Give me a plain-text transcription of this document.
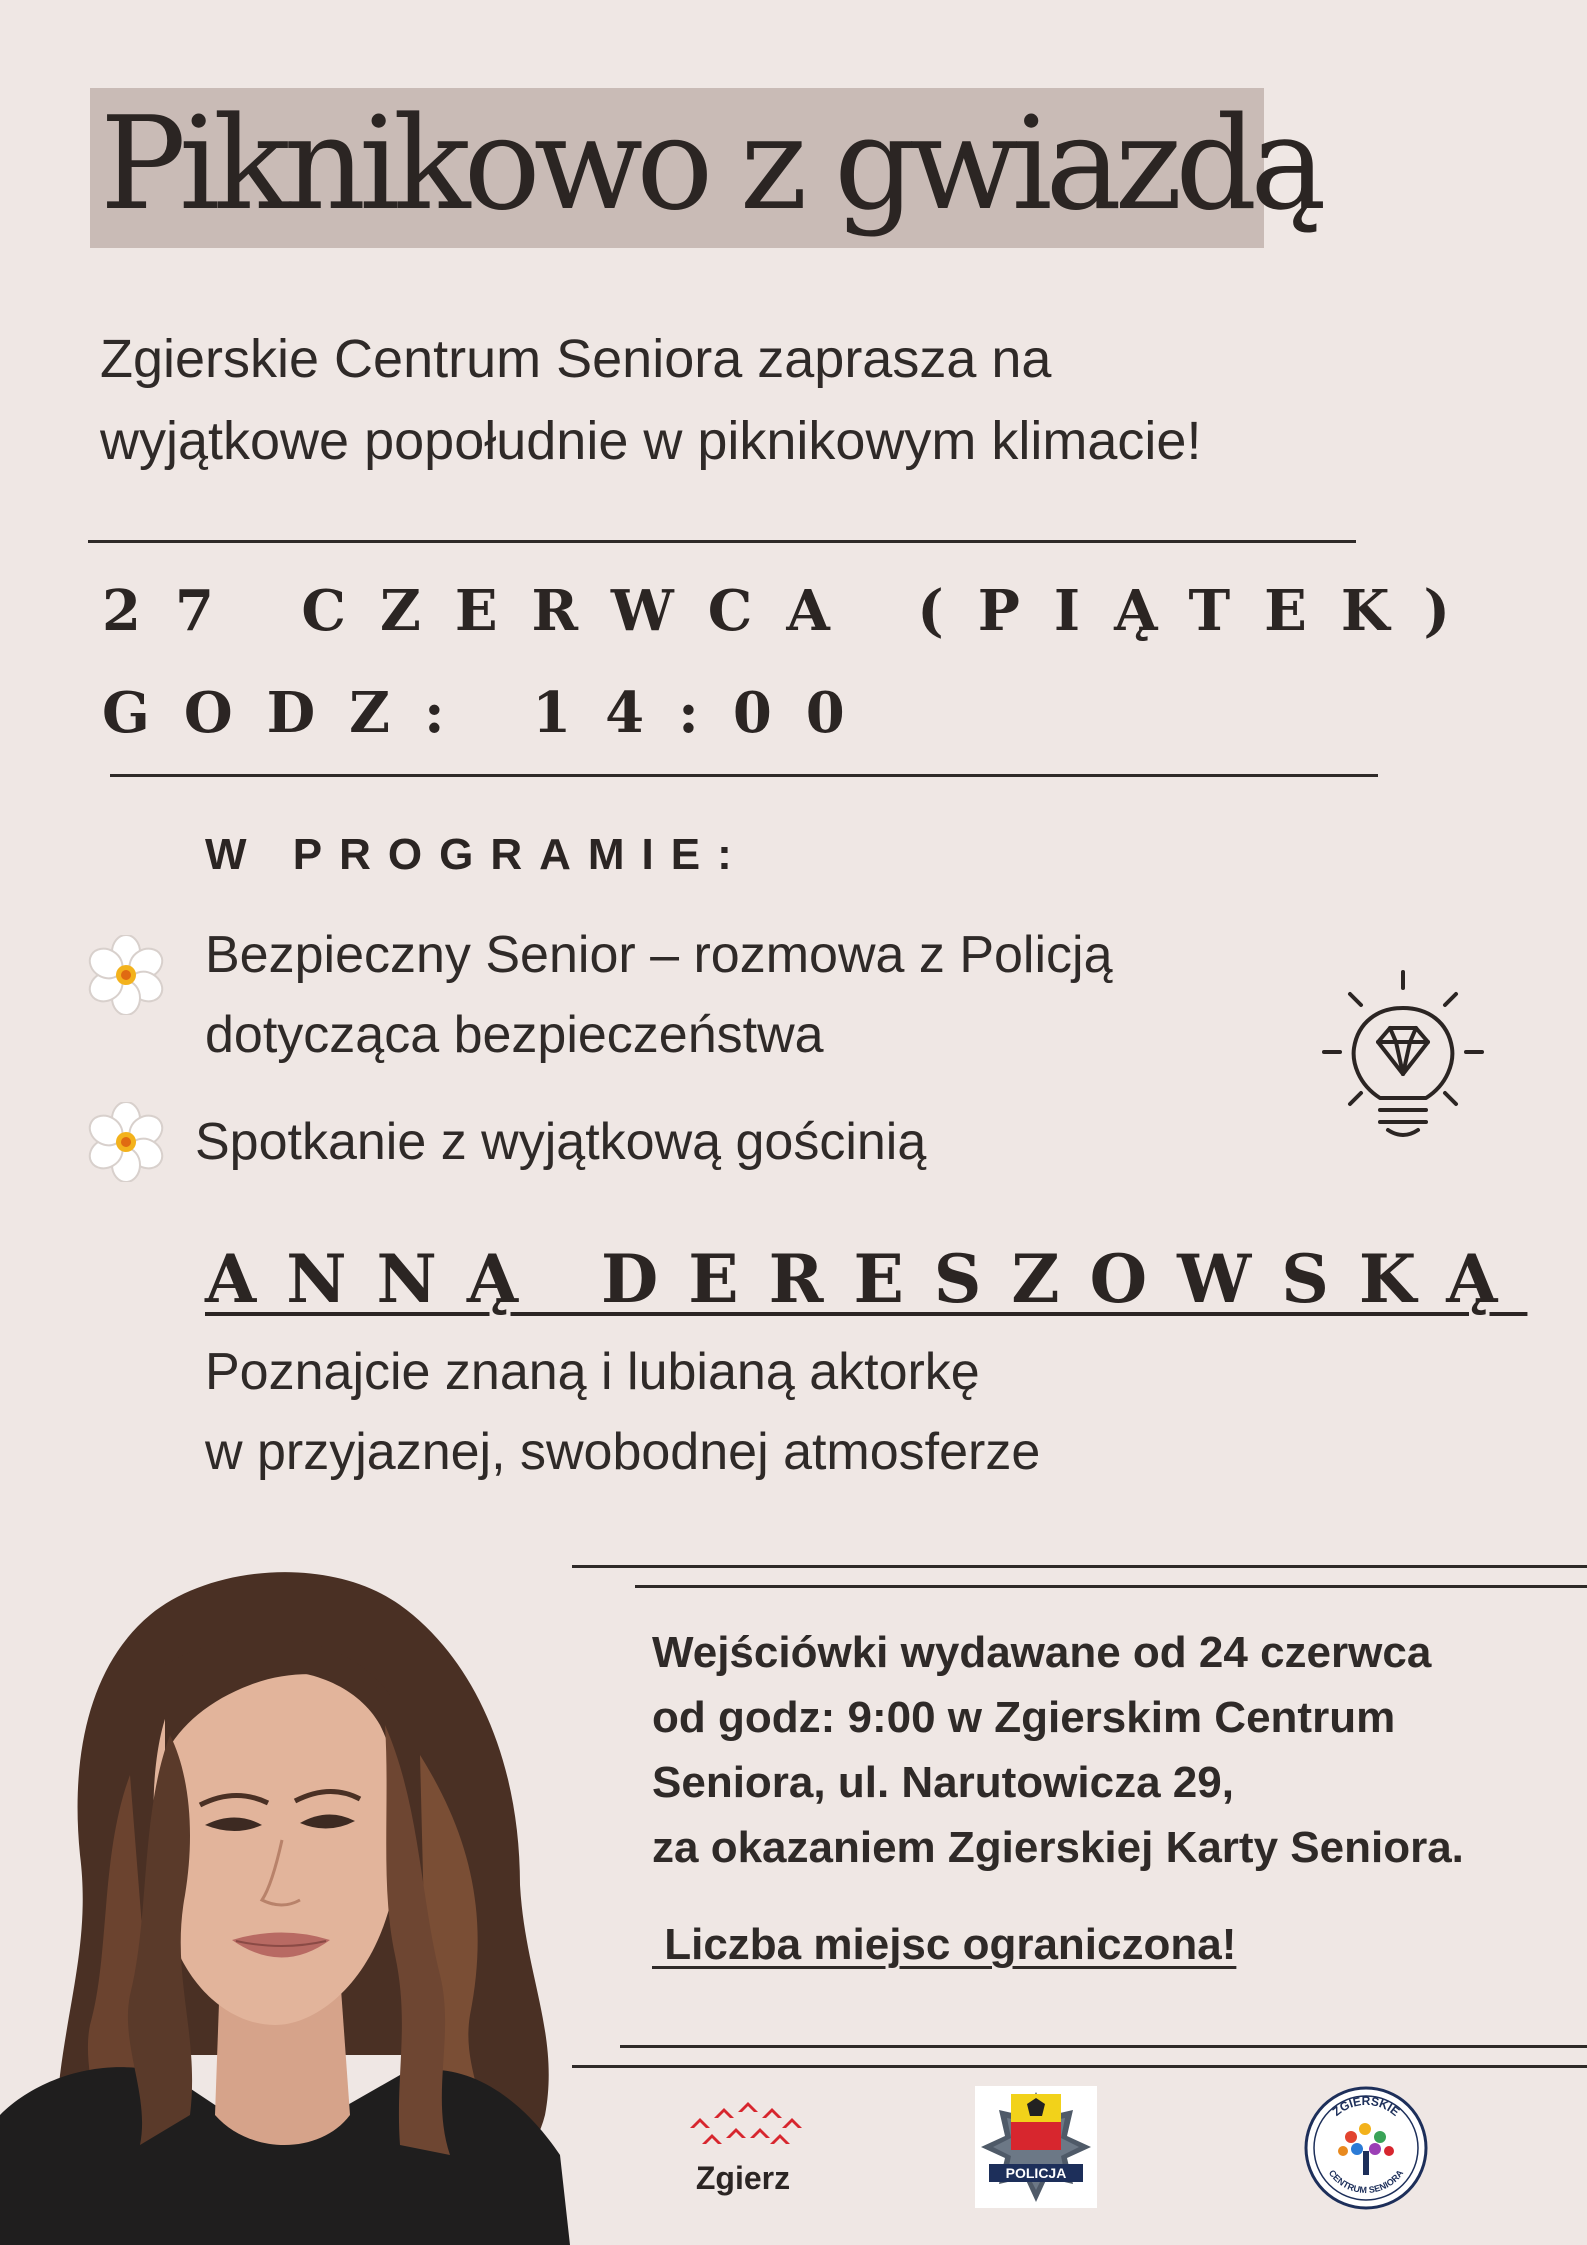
Piknikowo z gwiazdą
Zgierskie Centrum Seniora zaprasza na
wyjątkowe popołudnie w piknikowym klimacie!
27 CZERWCA (PIĄTEK)
GODZ: 14:00
W PROGRAMIE:
Bezpieczny Senior – rozmowa z Policją
dotycząca bezpieczeństwa
Spotkanie z wyjątkową gościnią
ANNĄ DERESZOWSKĄ
Poznajcie znaną i lubianą aktorkę
w przyjaznej, swobodnej atmosferze
Wejściówki wydawane od 24 czerwca
od godz: 9:00 w Zgierskim Centrum
Seniora, ul. Narutowicza 29,
za okazaniem Zgierskiej Karty Seniora.
Liczba miejsc ograniczona!
Zgierz	POLICJA
ZGIERSKIE
CENTRUM SENIORA
